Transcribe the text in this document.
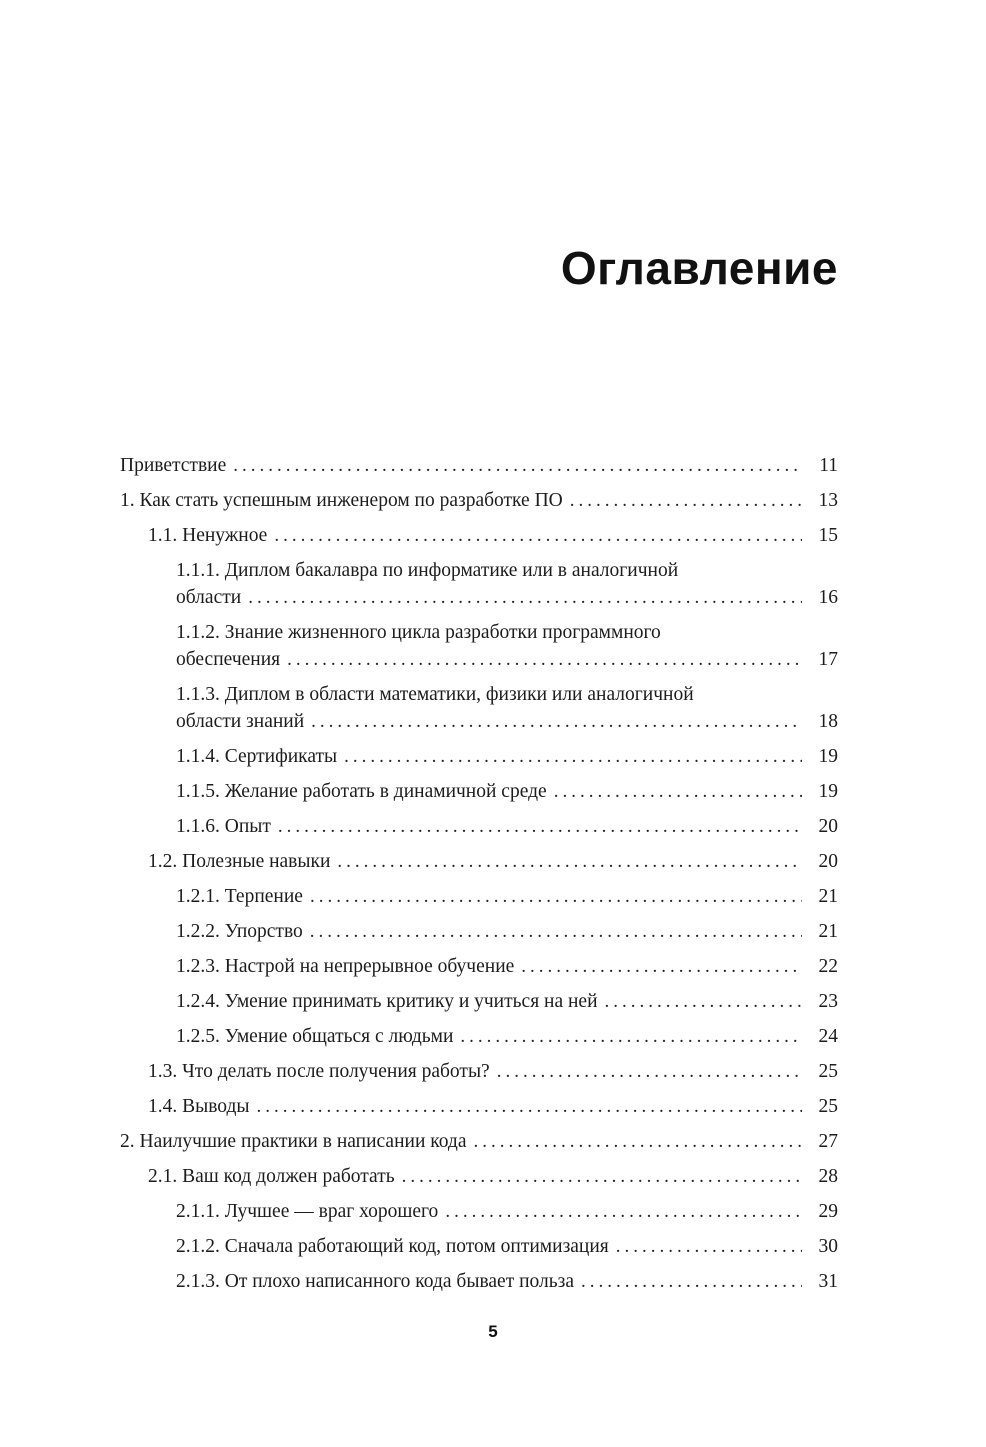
Оглавление
Приветствие .....	11
1. Как стать успешным инженером по разработке ПО .....	13
1.1. Ненужное .....	15
1.1.1. Диплом бакалавра по информатике или в аналогичной
области .....	16
1.1.2. Знание жизненного цикла разработки программного
обеспечения .....	17
1.1.3. Диплом в области математики, физики или аналогичной
области знаний .....	18
1.1.4. Сертификаты .....	19
1.1.5. Желание работать в динамичной среде .....	19
1.1.6. Опыт .....	20
1.2. Полезные навыки .....	20
1.2.1. Терпение .....	21
1.2.2. Упорство .....	21
1.2.3. Настрой на непрерывное обучение .....	22
1.2.4. Умение принимать критику и учиться на ней .....	23
1.2.5. Умение общаться с людьми .....	24
1.3. Что делать после получения работы? .....	25
1.4. Выводы .....	25
2. Наилучшие практики в написании кода .....	27
2.1. Ваш код должен работать .....	28
2.1.1. Лучшее — враг хорошего .....	29
2.1.2. Сначала работающий код, потом оптимизация .....	30
2.1.3. От плохо написанного кода бывает польза .....	31
5
